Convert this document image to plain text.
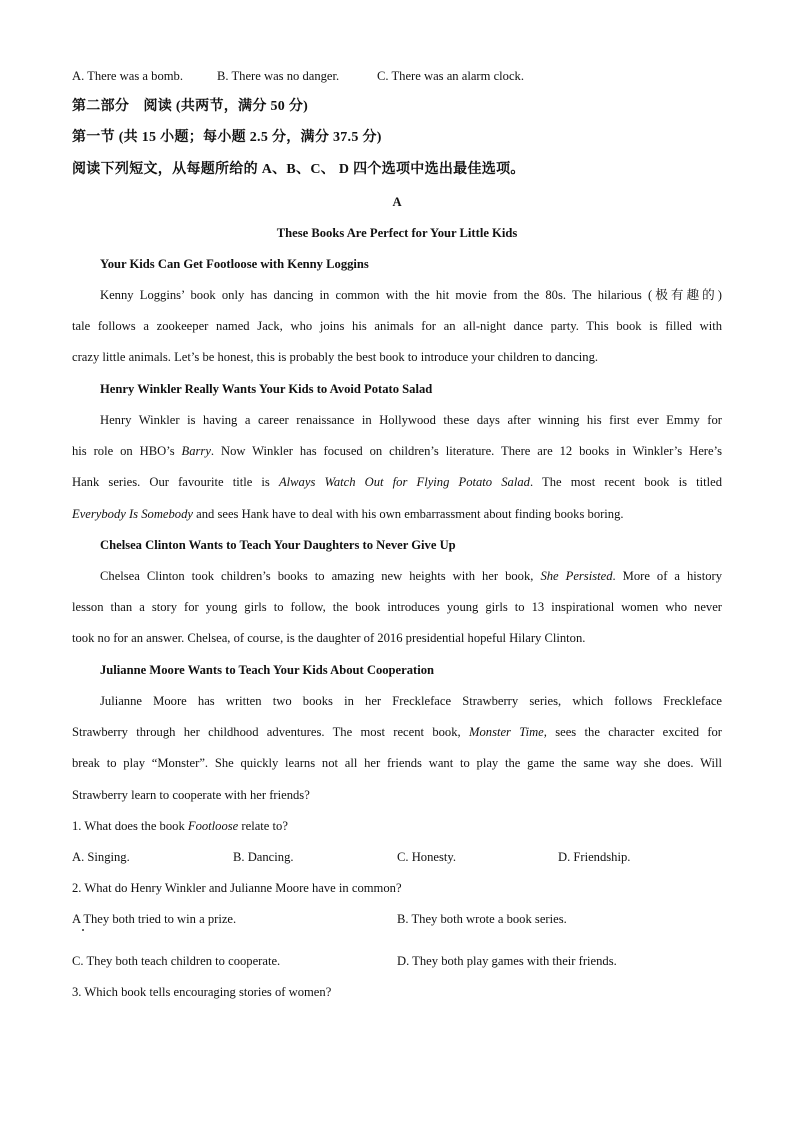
A. There was a bomb.	B. There was no danger.	C. There was an alarm clock.
第二部分　阅读 (共两节，满分 50 分)
第一节 (共 15 小题；每小题 2.5 分，满分 37.5 分)
阅读下列短文，从每题所给的 A、B、C、 D 四个选项中选出最佳选项。
A
These Books Are Perfect for Your Little Kids
Your Kids Can Get Footloose with Kenny Loggins
Kenny Loggins’ book only has dancing in common with the hit movie from the 80s. The hilarious (极有趣的)
tale follows a zookeeper named Jack, who joins his animals for an all-night dance party. This book is filled with
crazy little animals. Let’s be honest, this is probably the best book to introduce your children to dancing.
Henry Winkler Really Wants Your Kids to Avoid Potato Salad
Henry Winkler is having a career renaissance in Hollywood these days after winning his first ever Emmy for
his role on HBO’s Barry. Now Winkler has focused on children’s literature. There are 12 books in Winkler’s Here’s
Hank series. Our favourite title is Always Watch Out for Flying Potato Salad. The most recent book is titled
Everybody Is Somebody and sees Hank have to deal with his own embarrassment about finding books boring.
Chelsea Clinton Wants to Teach Your Daughters to Never Give Up
Chelsea Clinton took children’s books to amazing new heights with her book, She Persisted. More of a history
lesson than a story for young girls to follow, the book introduces young girls to 13 inspirational women who never
took no for an answer. Chelsea, of course, is the daughter of 2016 presidential hopeful Hilary Clinton.
Julianne Moore Wants to Teach Your Kids About Cooperation
Julianne Moore has written two books in her Freckleface Strawberry series, which follows Freckleface
Strawberry through her childhood adventures. The most recent book, Monster Time, sees the character excited for
break to play “Monster”. She quickly learns not all her friends want to play the game the same way she does. Will
Strawberry learn to cooperate with her friends?
1. What does the book Footloose relate to?
A. Singing.	B. Dancing.	C. Honesty.	D. Friendship.
2. What do Henry Winkler and Julianne Moore have in common?
A They both tried to win a prize.	B. They both wrote a book series.
C. They both teach children to cooperate.	D. They both play games with their friends.
3. Which book tells encouraging stories of women?
